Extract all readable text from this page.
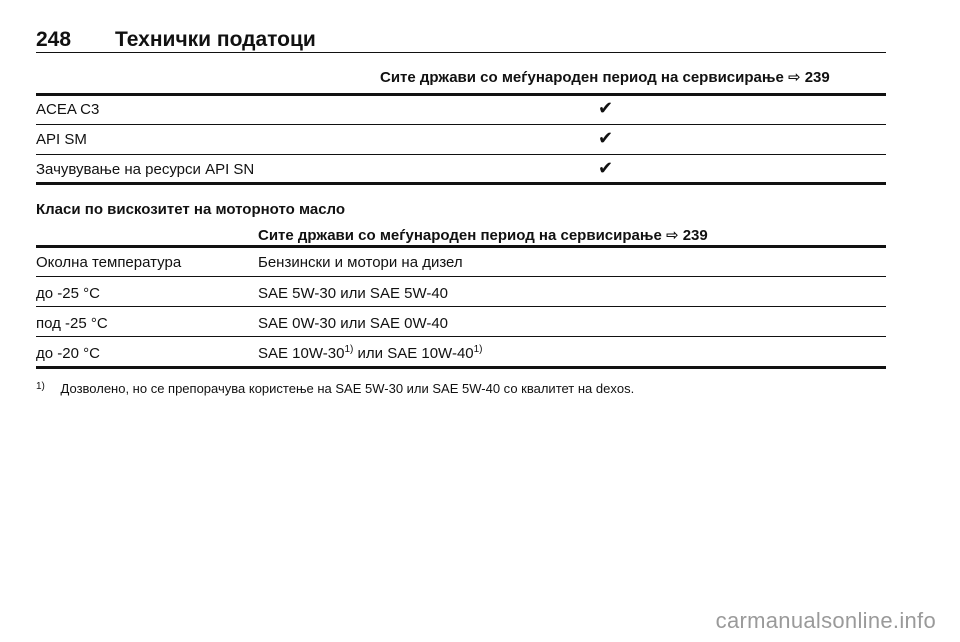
248 Технички податоци
Сите држави со меѓународен период на сервисирање ⇨ 239
ACEA C3	✔
API SM	✔
Зачувување на ресурси API SN	✔
Класи по вискозитет на моторното масло
Сите држави со меѓународен период на сервисирање ⇨ 239
Околна температура	Бензински и мотори на дизел
до -25 °C	SAE 5W-30 или SAE 5W-40
под -25 °C	SAE 0W-30 или SAE 0W-40
до -20 °C	SAE 10W-30$^{1)}$ или SAE 10W-40$^{1)}$
$^{1)}$ Дозволено, но се препорачува користење на SAE 5W-30 или SAE 5W-40 со квалитет на dexos.
carmanualsonline.info
